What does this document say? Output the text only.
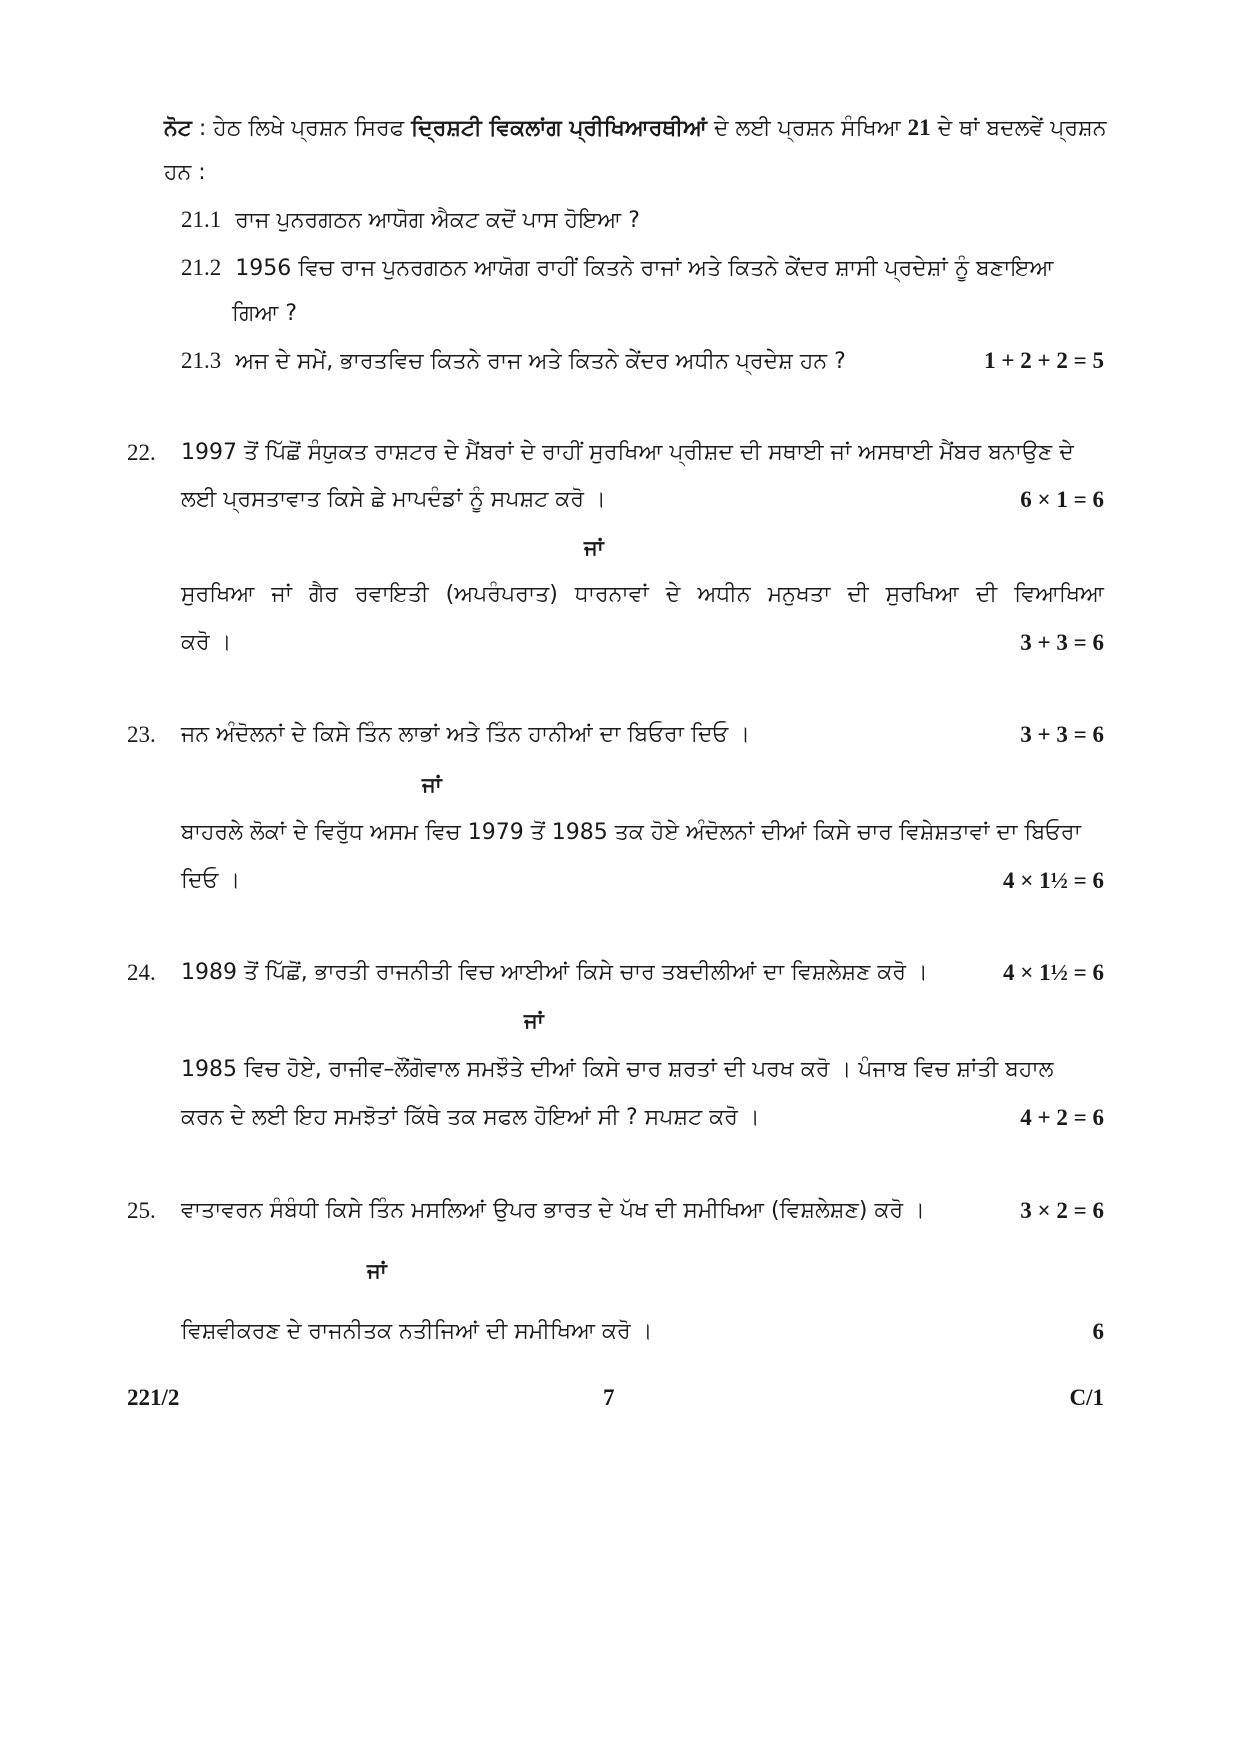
ਨੋਟ : ਹੇਠ ਲਿਖੇ ਪ੍ਰਸ਼ਨ ਸਿਰਫ ਦ੍ਰਿਸ਼ਟੀ ਵਿਕਲਾਂਗ ਪ੍ਰੀਖਿਆਰਥੀਆਂ ਦੇ ਲਈ ਪ੍ਰਸ਼ਨ ਸੰਖਿਆ 21 ਦੇ ਥਾਂ ਬਦਲਵੇਂ ਪ੍ਰਸ਼ਨ
ਹਨ :
21.1 ਰਾਜ ਪੁਨਰਗਠਨ ਆਯੋਗ ਐਕਟ ਕਦੋਂ ਪਾਸ ਹੋਇਆ ?
21.2 1956 ਵਿਚ ਰਾਜ ਪੁਨਰਗਠਨ ਆਯੋਗ ਰਾਹੀਂ ਕਿਤਨੇ ਰਾਜਾਂ ਅਤੇ ਕਿਤਨੇ ਕੇਂਦਰ ਸ਼ਾਸੀ ਪ੍ਰਦੇਸ਼ਾਂ ਨੂੰ ਬਣਾਇਆ
ਗਿਆ ?
21.3 ਅਜ ਦੇ ਸਮੇਂ, ਭਾਰਤਵਿਚ ਕਿਤਨੇ ਰਾਜ ਅਤੇ ਕਿਤਨੇ ਕੇਂਦਰ ਅਧੀਨ ਪ੍ਰਦੇਸ਼ ਹਨ ?	1 + 2 + 2 = 5
22. 1997 ਤੋਂ ਪਿੱਛੋਂ ਸੰਯੁਕਤ ਰਾਸ਼ਟਰ ਦੇ ਮੈਂਬਰਾਂ ਦੇ ਰਾਹੀਂ ਸੁਰਖਿਆ ਪ੍ਰੀਸ਼ਦ ਦੀ ਸਥਾਈ ਜਾਂ ਅਸਥਾਈ ਮੈਂਬਰ ਬਨਾਉਣ ਦੇ
ਲਈ ਪ੍ਰਸਤਾਵਾਤ ਕਿਸੇ ਛੇ ਮਾਪਦੰਡਾਂ ਨੂੰ ਸਪਸ਼ਟ ਕਰੋ ।	6 × 1 = 6
ਜਾਂ
ਸੁਰਖਿਆ ਜਾਂ ਗੈਰ ਰਵਾਇਤੀ (ਅਪਰੰਪਰਾਤ) ਧਾਰਨਾਵਾਂ ਦੇ ਅਧੀਨ ਮਨੁਖਤਾ ਦੀ ਸੁਰਖਿਆ ਦੀ ਵਿਆਖਿਆ
ਕਰੋ ।	3 + 3 = 6
23. ਜਨ ਅੰਦੋਲਨਾਂ ਦੇ ਕਿਸੇ ਤਿੰਨ ਲਾਭਾਂ ਅਤੇ ਤਿੰਨ ਹਾਨੀਆਂ ਦਾ ਬਿਓਰਾ ਦਿਓ ।	3 + 3 = 6
ਜਾਂ
ਬਾਹਰਲੇ ਲੋਕਾਂ ਦੇ ਵਿਰੁੱਧ ਅਸਮ ਵਿਚ 1979 ਤੋਂ 1985 ਤਕ ਹੋਏ ਅੰਦੋਲਨਾਂ ਦੀਆਂ ਕਿਸੇ ਚਾਰ ਵਿਸ਼ੇਸ਼ਤਾਵਾਂ ਦਾ ਬਿਓਰਾ
ਦਿਓ ।	4 × 1½ = 6
24. 1989 ਤੋਂ ਪਿੱਛੋਂ, ਭਾਰਤੀ ਰਾਜਨੀਤੀ ਵਿਚ ਆਈਆਂ ਕਿਸੇ ਚਾਰ ਤਬਦੀਲੀਆਂ ਦਾ ਵਿਸ਼ਲੇਸ਼ਣ ਕਰੋ ।	4 × 1½ = 6
ਜਾਂ
1985 ਵਿਚ ਹੋਏ, ਰਾਜੀਵ–ਲੌਂਗੋਵਾਲ ਸਮਝੌਤੇ ਦੀਆਂ ਕਿਸੇ ਚਾਰ ਸ਼ਰਤਾਂ ਦੀ ਪਰਖ ਕਰੋ । ਪੰਜਾਬ ਵਿਚ ਸ਼ਾਂਤੀ ਬਹਾਲ
ਕਰਨ ਦੇ ਲਈ ਇਹ ਸਮਝੋਤਾਂ ਕਿੱਥੇ ਤਕ ਸਫਲ ਹੋਇਆਂ ਸੀ ? ਸਪਸ਼ਟ ਕਰੋ ।	4 + 2 = 6
25. ਵਾਤਾਵਰਨ ਸੰਬੰਧੀ ਕਿਸੇ ਤਿੰਨ ਮਸਲਿਆਂ ਉਪਰ ਭਾਰਤ ਦੇ ਪੱਖ ਦੀ ਸਮੀਖਿਆ (ਵਿਸ਼ਲੇਸ਼ਣ) ਕਰੋ ।	3 × 2 = 6
ਜਾਂ
ਵਿਸ਼ਵੀਕਰਣ ਦੇ ਰਾਜਨੀਤਕ ਨਤੀਜਿਆਂ ਦੀ ਸਮੀਖਿਆ ਕਰੋ ।	6
221/2	7	C/1
